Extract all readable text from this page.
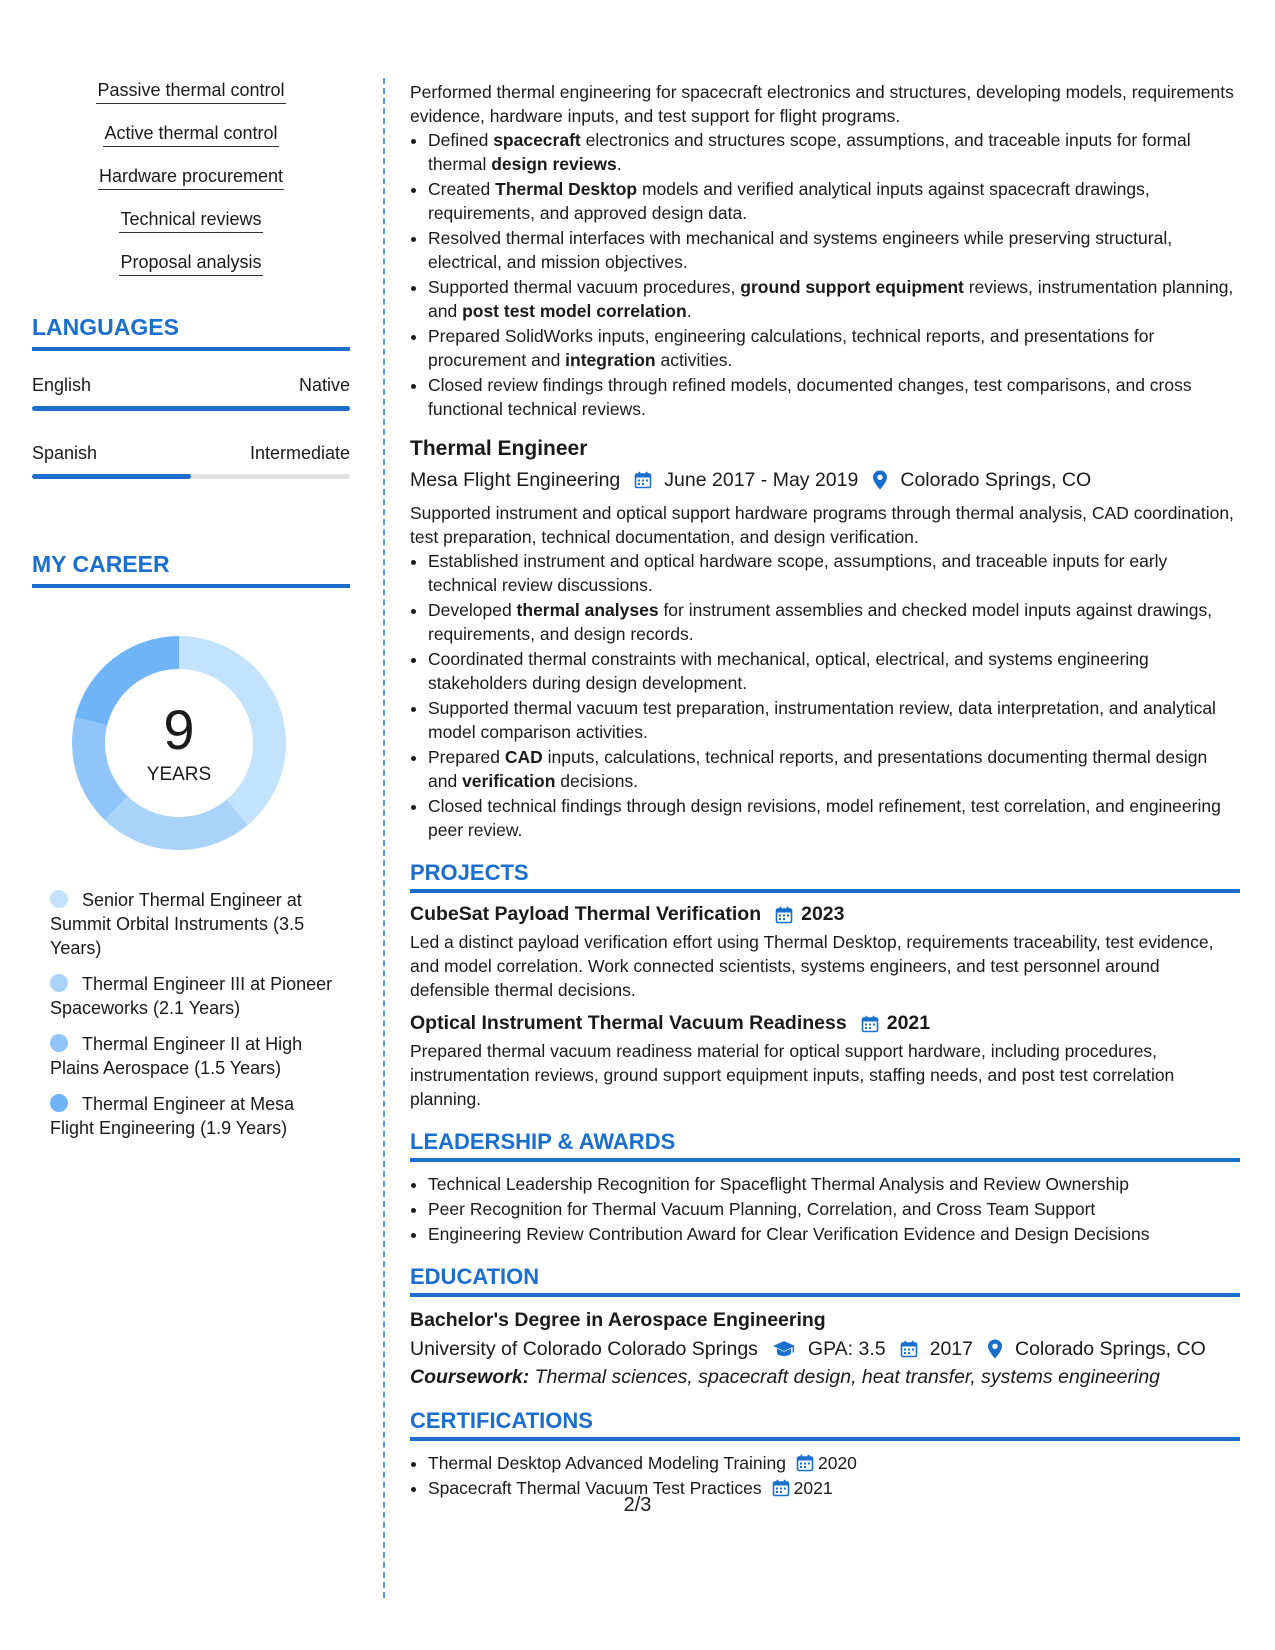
Passive thermal control
Active thermal control
Hardware procurement
Technical reviews
Proposal analysis
LANGUAGES
English	Native
Spanish	Intermediate
MY CAREER
9
YEARS
Senior Thermal Engineer at Summit Orbital Instruments (3.5 Years)
Thermal Engineer III at Pioneer Spaceworks (2.1 Years)
Thermal Engineer II at High Plains Aerospace (1.5 Years)
Thermal Engineer at Mesa Flight Engineering (1.9 Years)

Performed thermal engineering for spacecraft electronics and structures, developing models, requirements evidence, hardware inputs, and test support for flight programs.

• Defined spacecraft electronics and structures scope, assumptions, and traceable inputs for formal thermal design reviews.
• Created Thermal Desktop models and verified analytical inputs against spacecraft drawings, requirements, and approved design data.
• Resolved thermal interfaces with mechanical and systems engineers while preserving structural, electrical, and mission objectives.
• Supported thermal vacuum procedures, ground support equipment reviews, instrumentation planning, and post test model correlation.
• Prepared SolidWorks inputs, engineering calculations, technical reports, and presentations for procurement and integration activities.
• Closed review findings through refined models, documented changes, test comparisons, and cross functional technical reviews.
Thermal Engineer
Mesa Flight Engineering June 2017 - May 2019 Colorado Springs, CO

Supported instrument and optical support hardware programs through thermal analysis, CAD coordination, test preparation, technical documentation, and design verification.

• Established instrument and optical hardware scope, assumptions, and traceable inputs for early technical review discussions.
• Developed thermal analyses for instrument assemblies and checked model inputs against drawings, requirements, and design records.
• Coordinated thermal constraints with mechanical, optical, electrical, and systems engineering stakeholders during design development.
• Supported thermal vacuum test preparation, instrumentation review, data interpretation, and analytical model comparison activities.
• Prepared CAD inputs, calculations, technical reports, and presentations documenting thermal design and verification decisions.
• Closed technical findings through design revisions, model refinement, test correlation, and engineering peer review.
PROJECTS
CubeSat Payload Thermal Verification 2023

Led a distinct payload verification effort using Thermal Desktop, requirements traceability, test evidence, and model correlation. Work connected scientists, systems engineers, and test personnel around defensible thermal decisions.

Optical Instrument Thermal Vacuum Readiness 2021

Prepared thermal vacuum readiness material for optical support hardware, including procedures, instrumentation reviews, ground support equipment inputs, staffing needs, and post test correlation planning.

LEADERSHIP & AWARDS
• Technical Leadership Recognition for Spaceflight Thermal Analysis and Review Ownership
• Peer Recognition for Thermal Vacuum Planning, Correlation, and Cross Team Support
• Engineering Review Contribution Award for Clear Verification Evidence and Design Decisions
EDUCATION
Bachelor's Degree in Aerospace Engineering
University of Colorado Colorado Springs	GPA: 3.5 2017 Colorado Springs, CO
Coursework: Thermal sciences, spacecraft design, heat transfer, systems engineering
CERTIFICATIONS
• Thermal Desktop Advanced Modeling Training 2020
• Spacecraft Thermal Vacuum Test Practices 2021
2/3
